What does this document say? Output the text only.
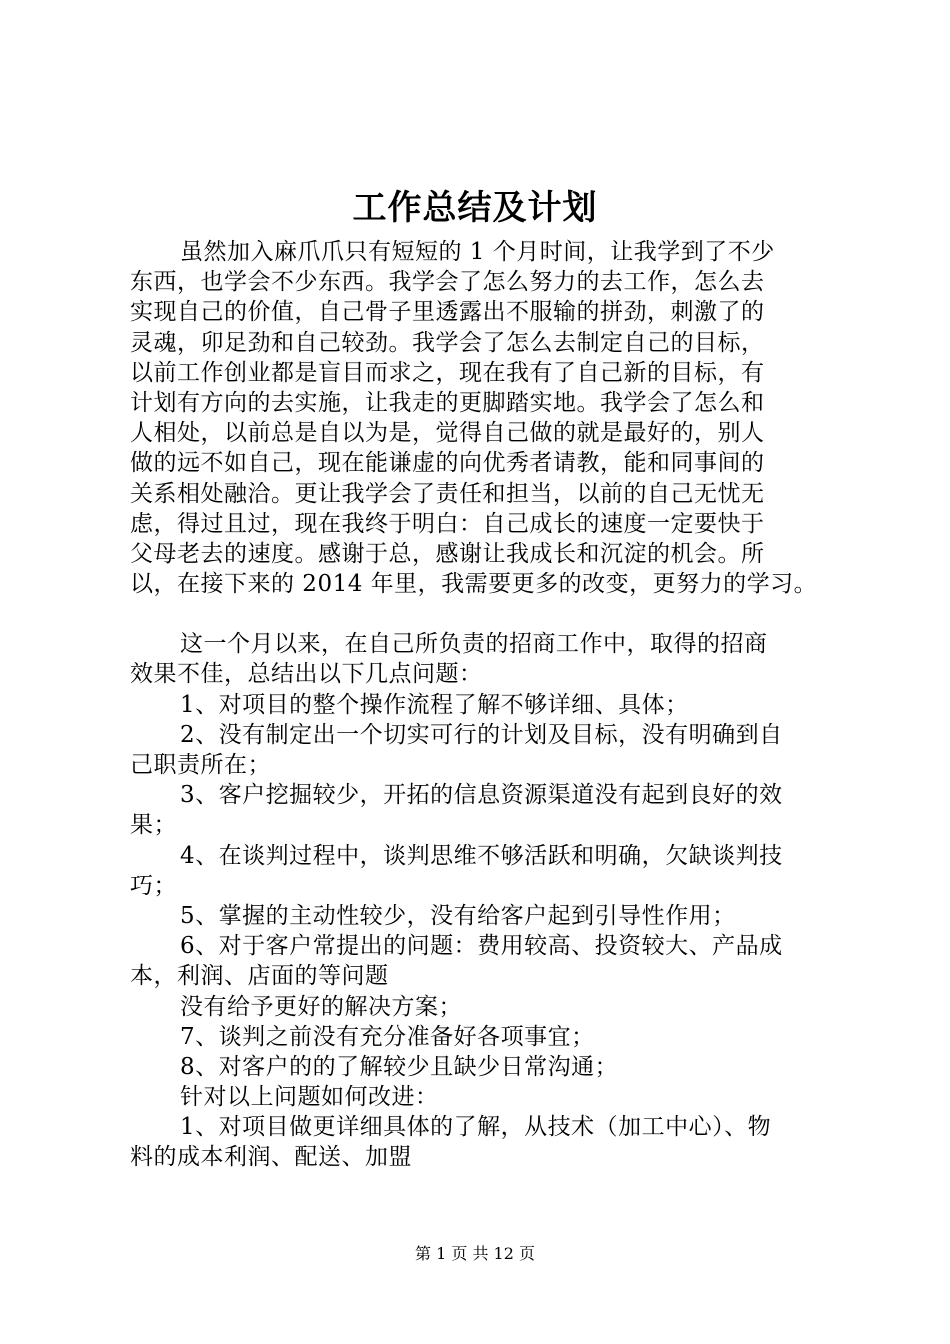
工作总结及计划
虽然加入麻爪爪只有短短的 1 个月时间，让我学到了不少
东西，也学会不少东西。我学会了怎么努力的去工作，怎么去
实现自己的价值，自己骨子里透露出不服输的拼劲，刺激了的
灵魂，卯足劲和自己较劲。我学会了怎么去制定自己的目标，
以前工作创业都是盲目而求之，现在我有了自己新的目标，有
计划有方向的去实施，让我走的更脚踏实地。我学会了怎么和
人相处，以前总是自以为是，觉得自己做的就是最好的，别人
做的远不如自己，现在能谦虚的向优秀者请教，能和同事间的
关系相处融洽。更让我学会了责任和担当，以前的自己无忧无
虑，得过且过，现在我终于明白：自己成长的速度一定要快于
父母老去的速度。感谢于总，感谢让我成长和沉淀的机会。所
以，在接下来的 2014 年里，我需要更多的改变，更努力的学习。
这一个月以来，在自己所负责的招商工作中，取得的招商
效果不佳，总结出以下几点问题：
1、对项目的整个操作流程了解不够详细、具体；
2、没有制定出一个切实可行的计划及目标，没有明确到自
己职责所在；
3、客户挖掘较少，开拓的信息资源渠道没有起到良好的效
果；
4、在谈判过程中，谈判思维不够活跃和明确，欠缺谈判技
巧；
5、掌握的主动性较少，没有给客户起到引导性作用；
6、对于客户常提出的问题：费用较高、投资较大、产品成
本，利润、店面的等问题
没有给予更好的解决方案；
7、谈判之前没有充分准备好各项事宜；
8、对客户的的了解较少且缺少日常沟通；
针对以上问题如何改进：
1、对项目做更详细具体的了解，从技术（加工中心）、物
料的成本利润、配送、加盟
第 1 页 共 12 页
